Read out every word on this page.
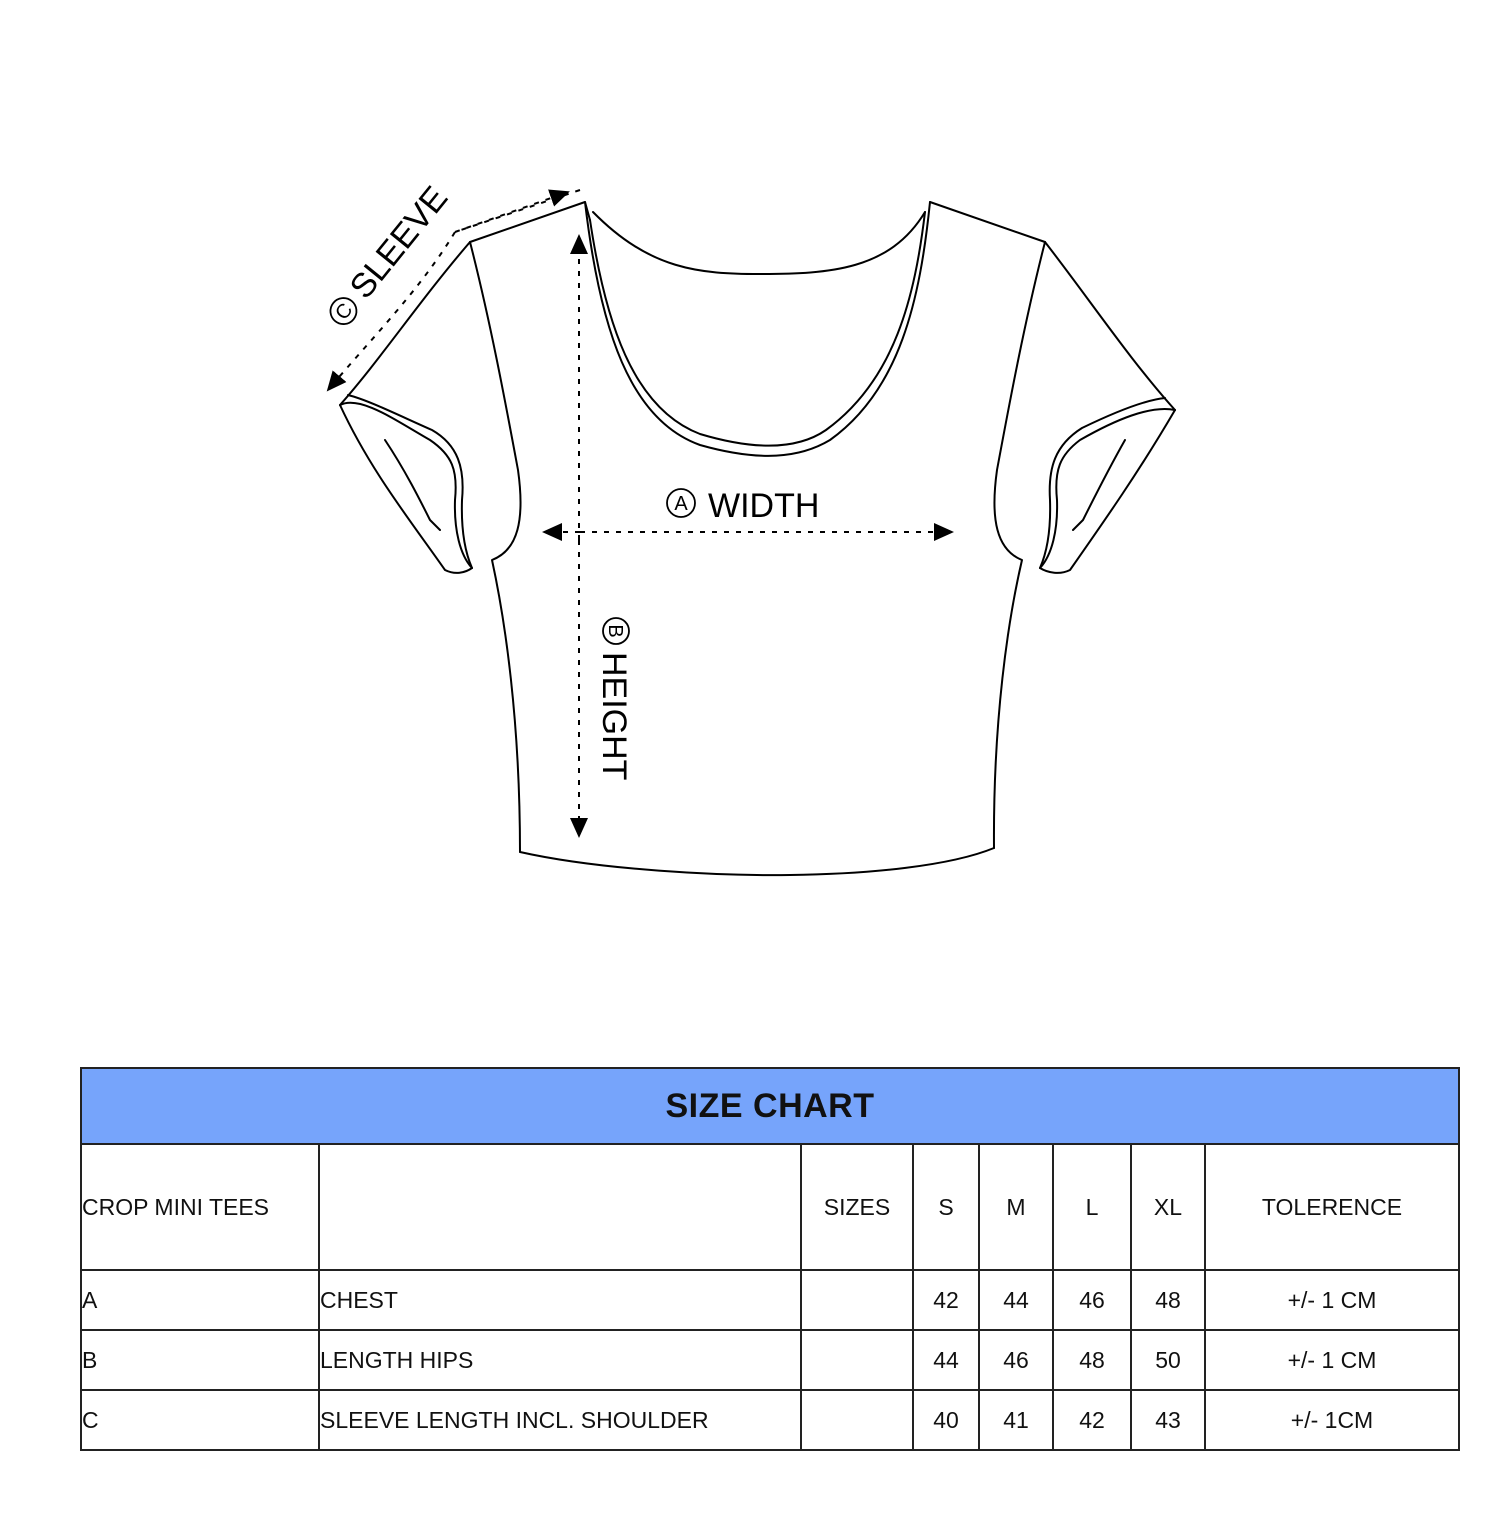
C
SLEEVE
A WIDTH
B
HEIGHT
SIZE CHART							
CROP MINI TEES		SIZES	S	M	L	XL	TOLERENCE
A	CHEST		42	44	46	48	+/- 1 CM
B	LENGTH HIPS		44	46	48	50	+/- 1 CM
C	SLEEVE LENGTH INCL. SHOULDER		40	41	42	43	+/- 1CM
